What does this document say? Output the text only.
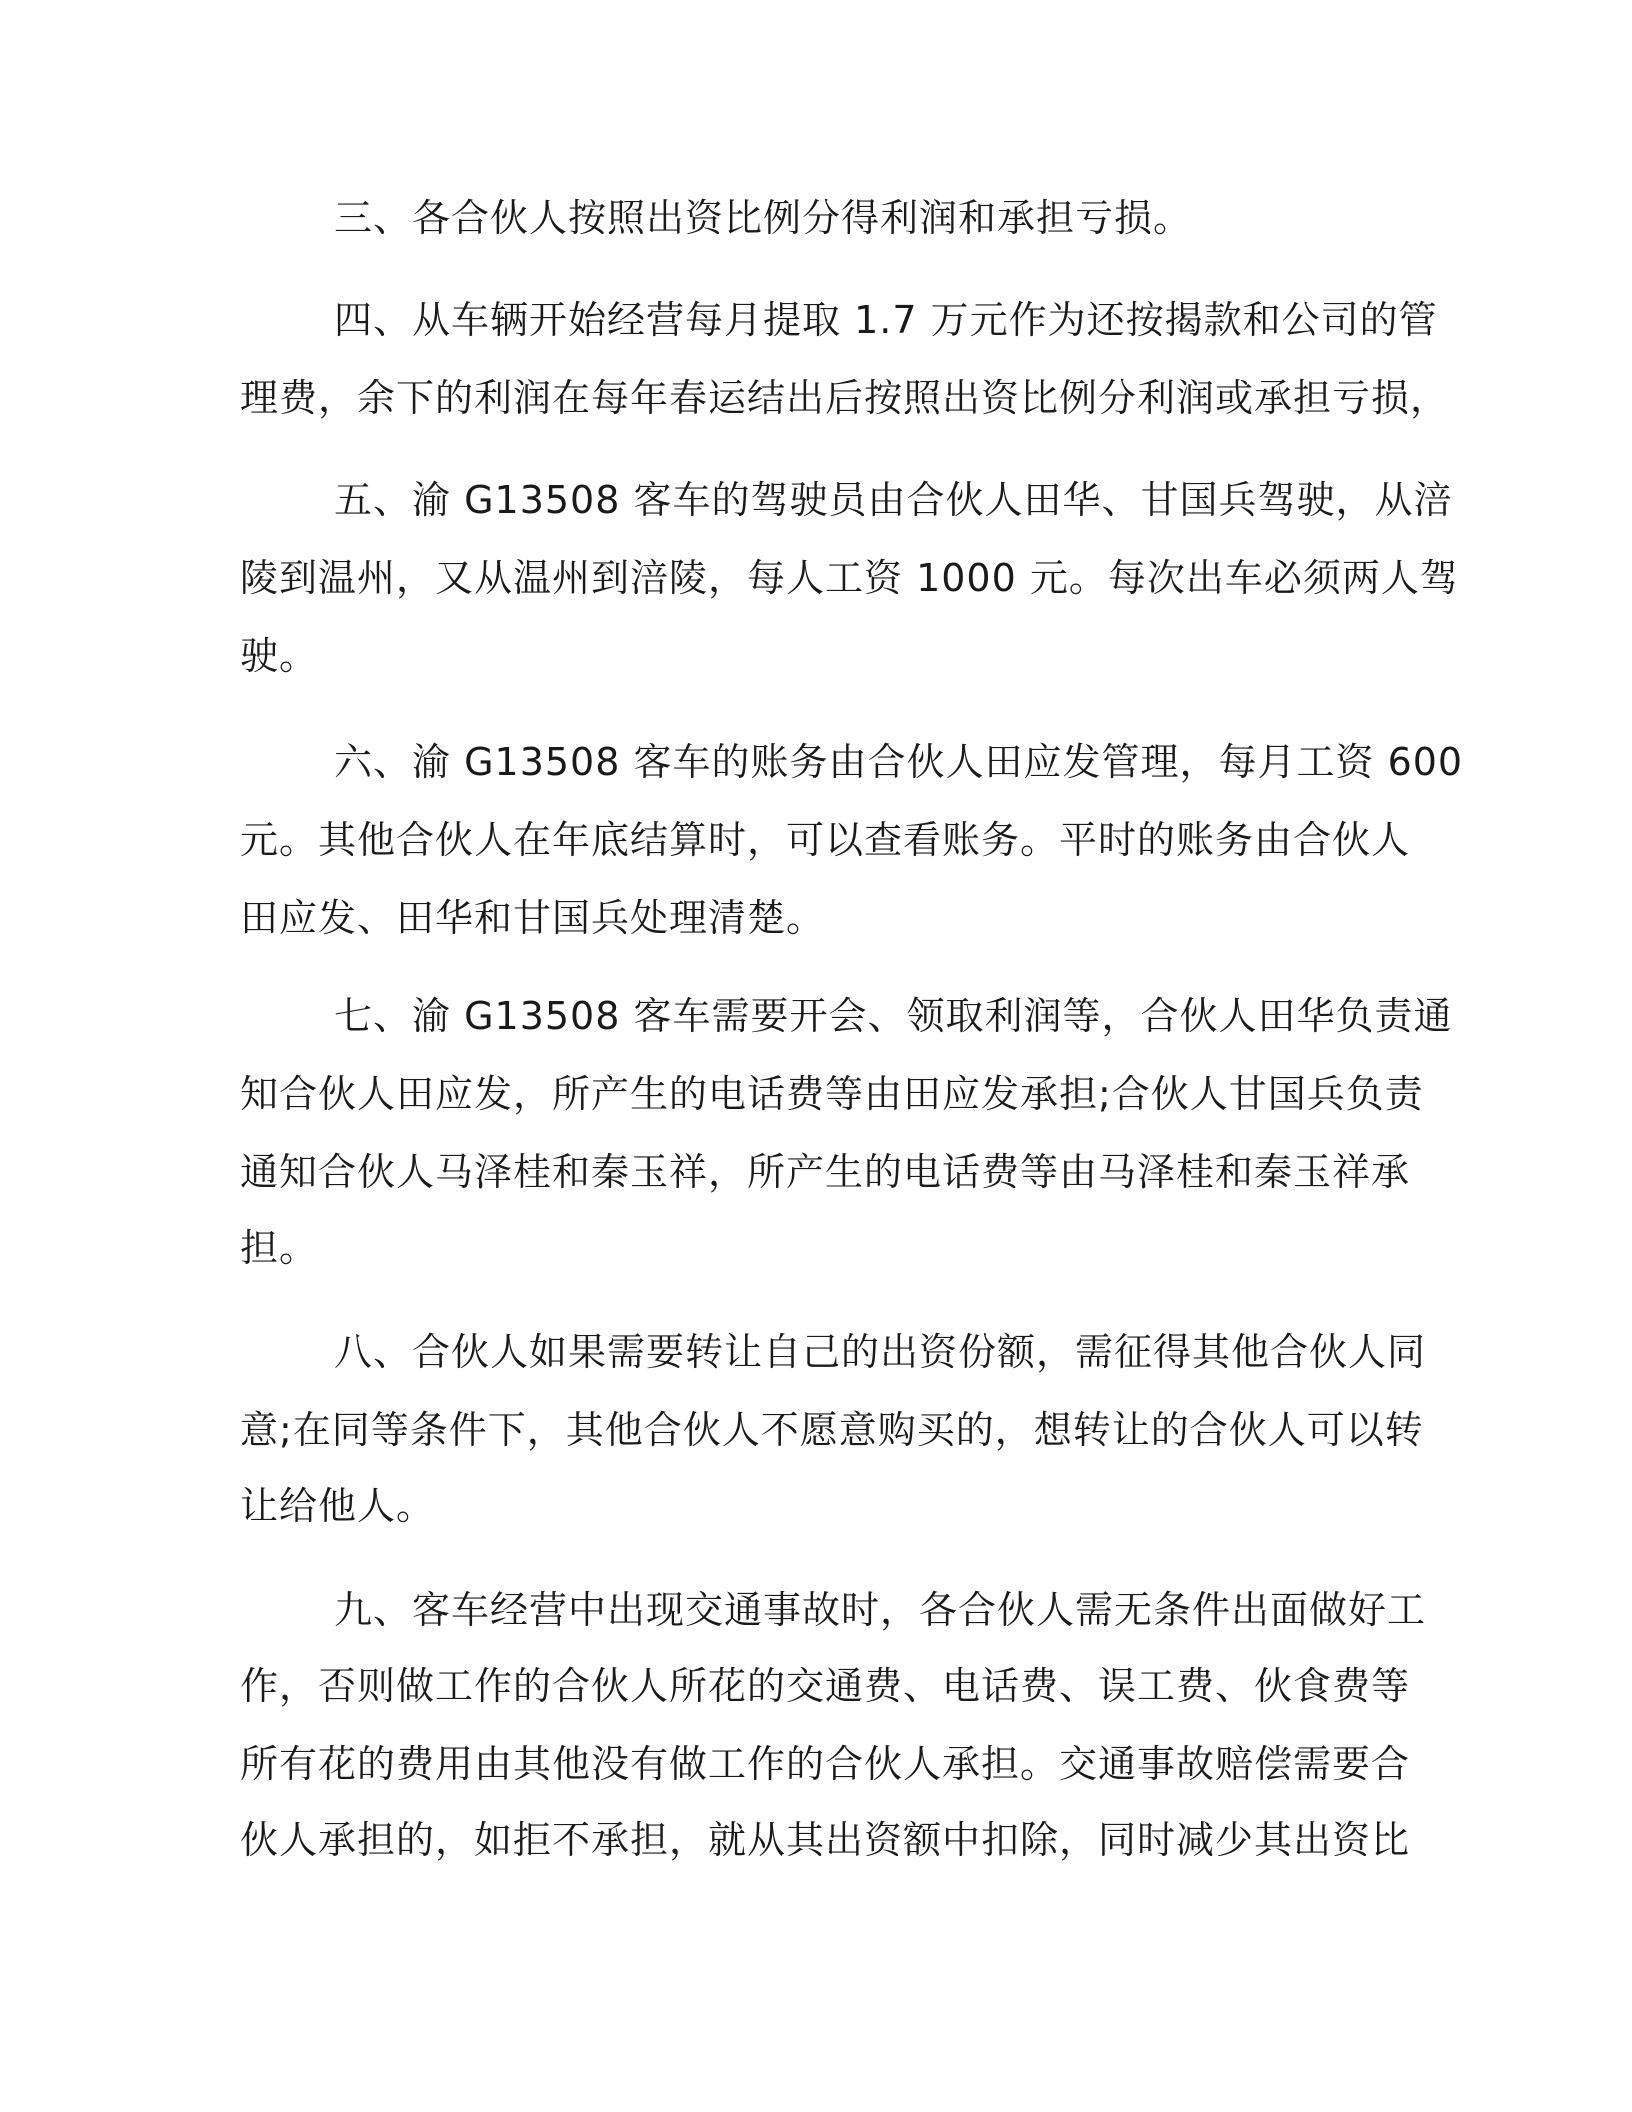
三、各合伙人按照出资比例分得利润和承担亏损。

四、从车辆开始经营每月提取 1.7 万元作为还按揭款和公司的管

理费，余下的利润在每年春运结出后按照出资比例分利润或承担亏损，

五、渝 G13508 客车的驾驶员由合伙人田华、甘国兵驾驶，从涪

陵到温州，又从温州到涪陵，每人工资 1000 元。每次出车必须两人驾

驶。

六、渝 G13508 客车的账务由合伙人田应发管理，每月工资 600

元。其他合伙人在年底结算时，可以查看账务。平时的账务由合伙人

田应发、田华和甘国兵处理清楚。

七、渝 G13508 客车需要开会、领取利润等，合伙人田华负责通

知合伙人田应发，所产生的电话费等由田应发承担;合伙人甘国兵负责

通知合伙人马泽桂和秦玉祥，所产生的电话费等由马泽桂和秦玉祥承

担。

八、合伙人如果需要转让自己的出资份额，需征得其他合伙人同

意;在同等条件下，其他合伙人不愿意购买的，想转让的合伙人可以转

让给他人。

九、客车经营中出现交通事故时，各合伙人需无条件出面做好工

作，否则做工作的合伙人所花的交通费、电话费、误工费、伙食费等

所有花的费用由其他没有做工作的合伙人承担。交通事故赔偿需要合

伙人承担的，如拒不承担，就从其出资额中扣除，同时减少其出资比
